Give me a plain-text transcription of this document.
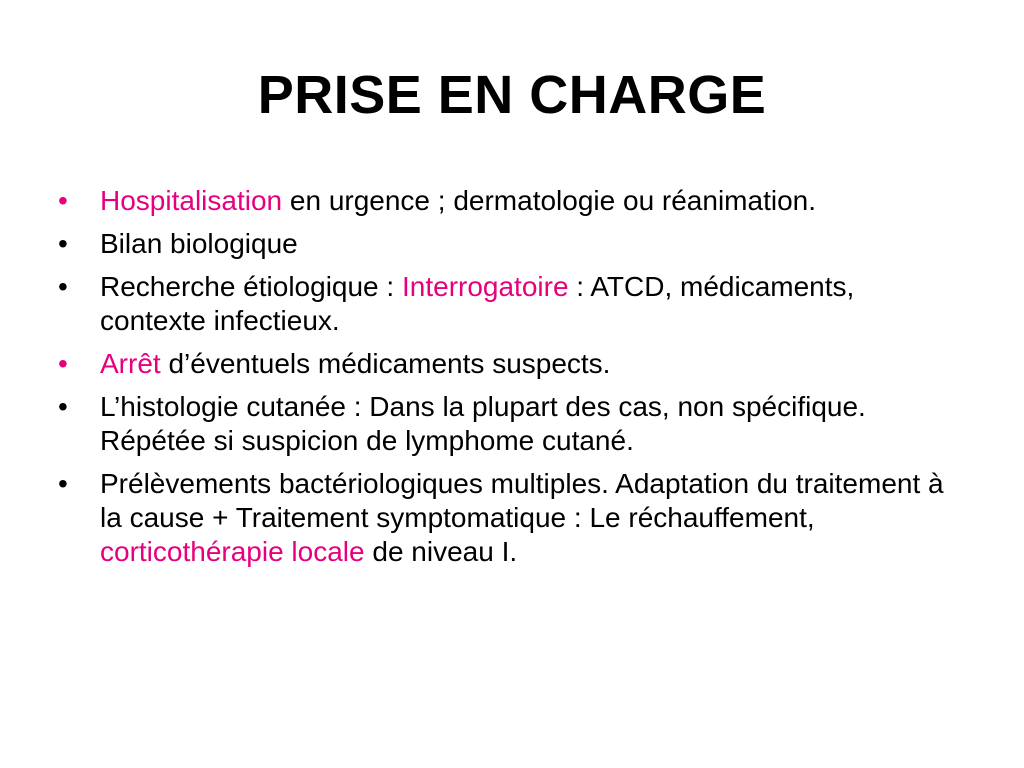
PRISE EN CHARGE
•	Hospitalisation en urgence ; dermatologie ou réanimation.
•	Bilan biologique
•	Recherche étiologique : Interrogatoire : ATCD, médicaments, contexte infectieux.
•	Arrêt d’éventuels médicaments suspects.
•	L’histologie cutanée : Dans la plupart des cas, non spécifique. Répétée si suspicion de lymphome cutané.
•	Prélèvements bactériologiques multiples. Adaptation du traitement à la cause + Traitement symptomatique : Le réchauffement, corticothérapie locale de niveau I.
